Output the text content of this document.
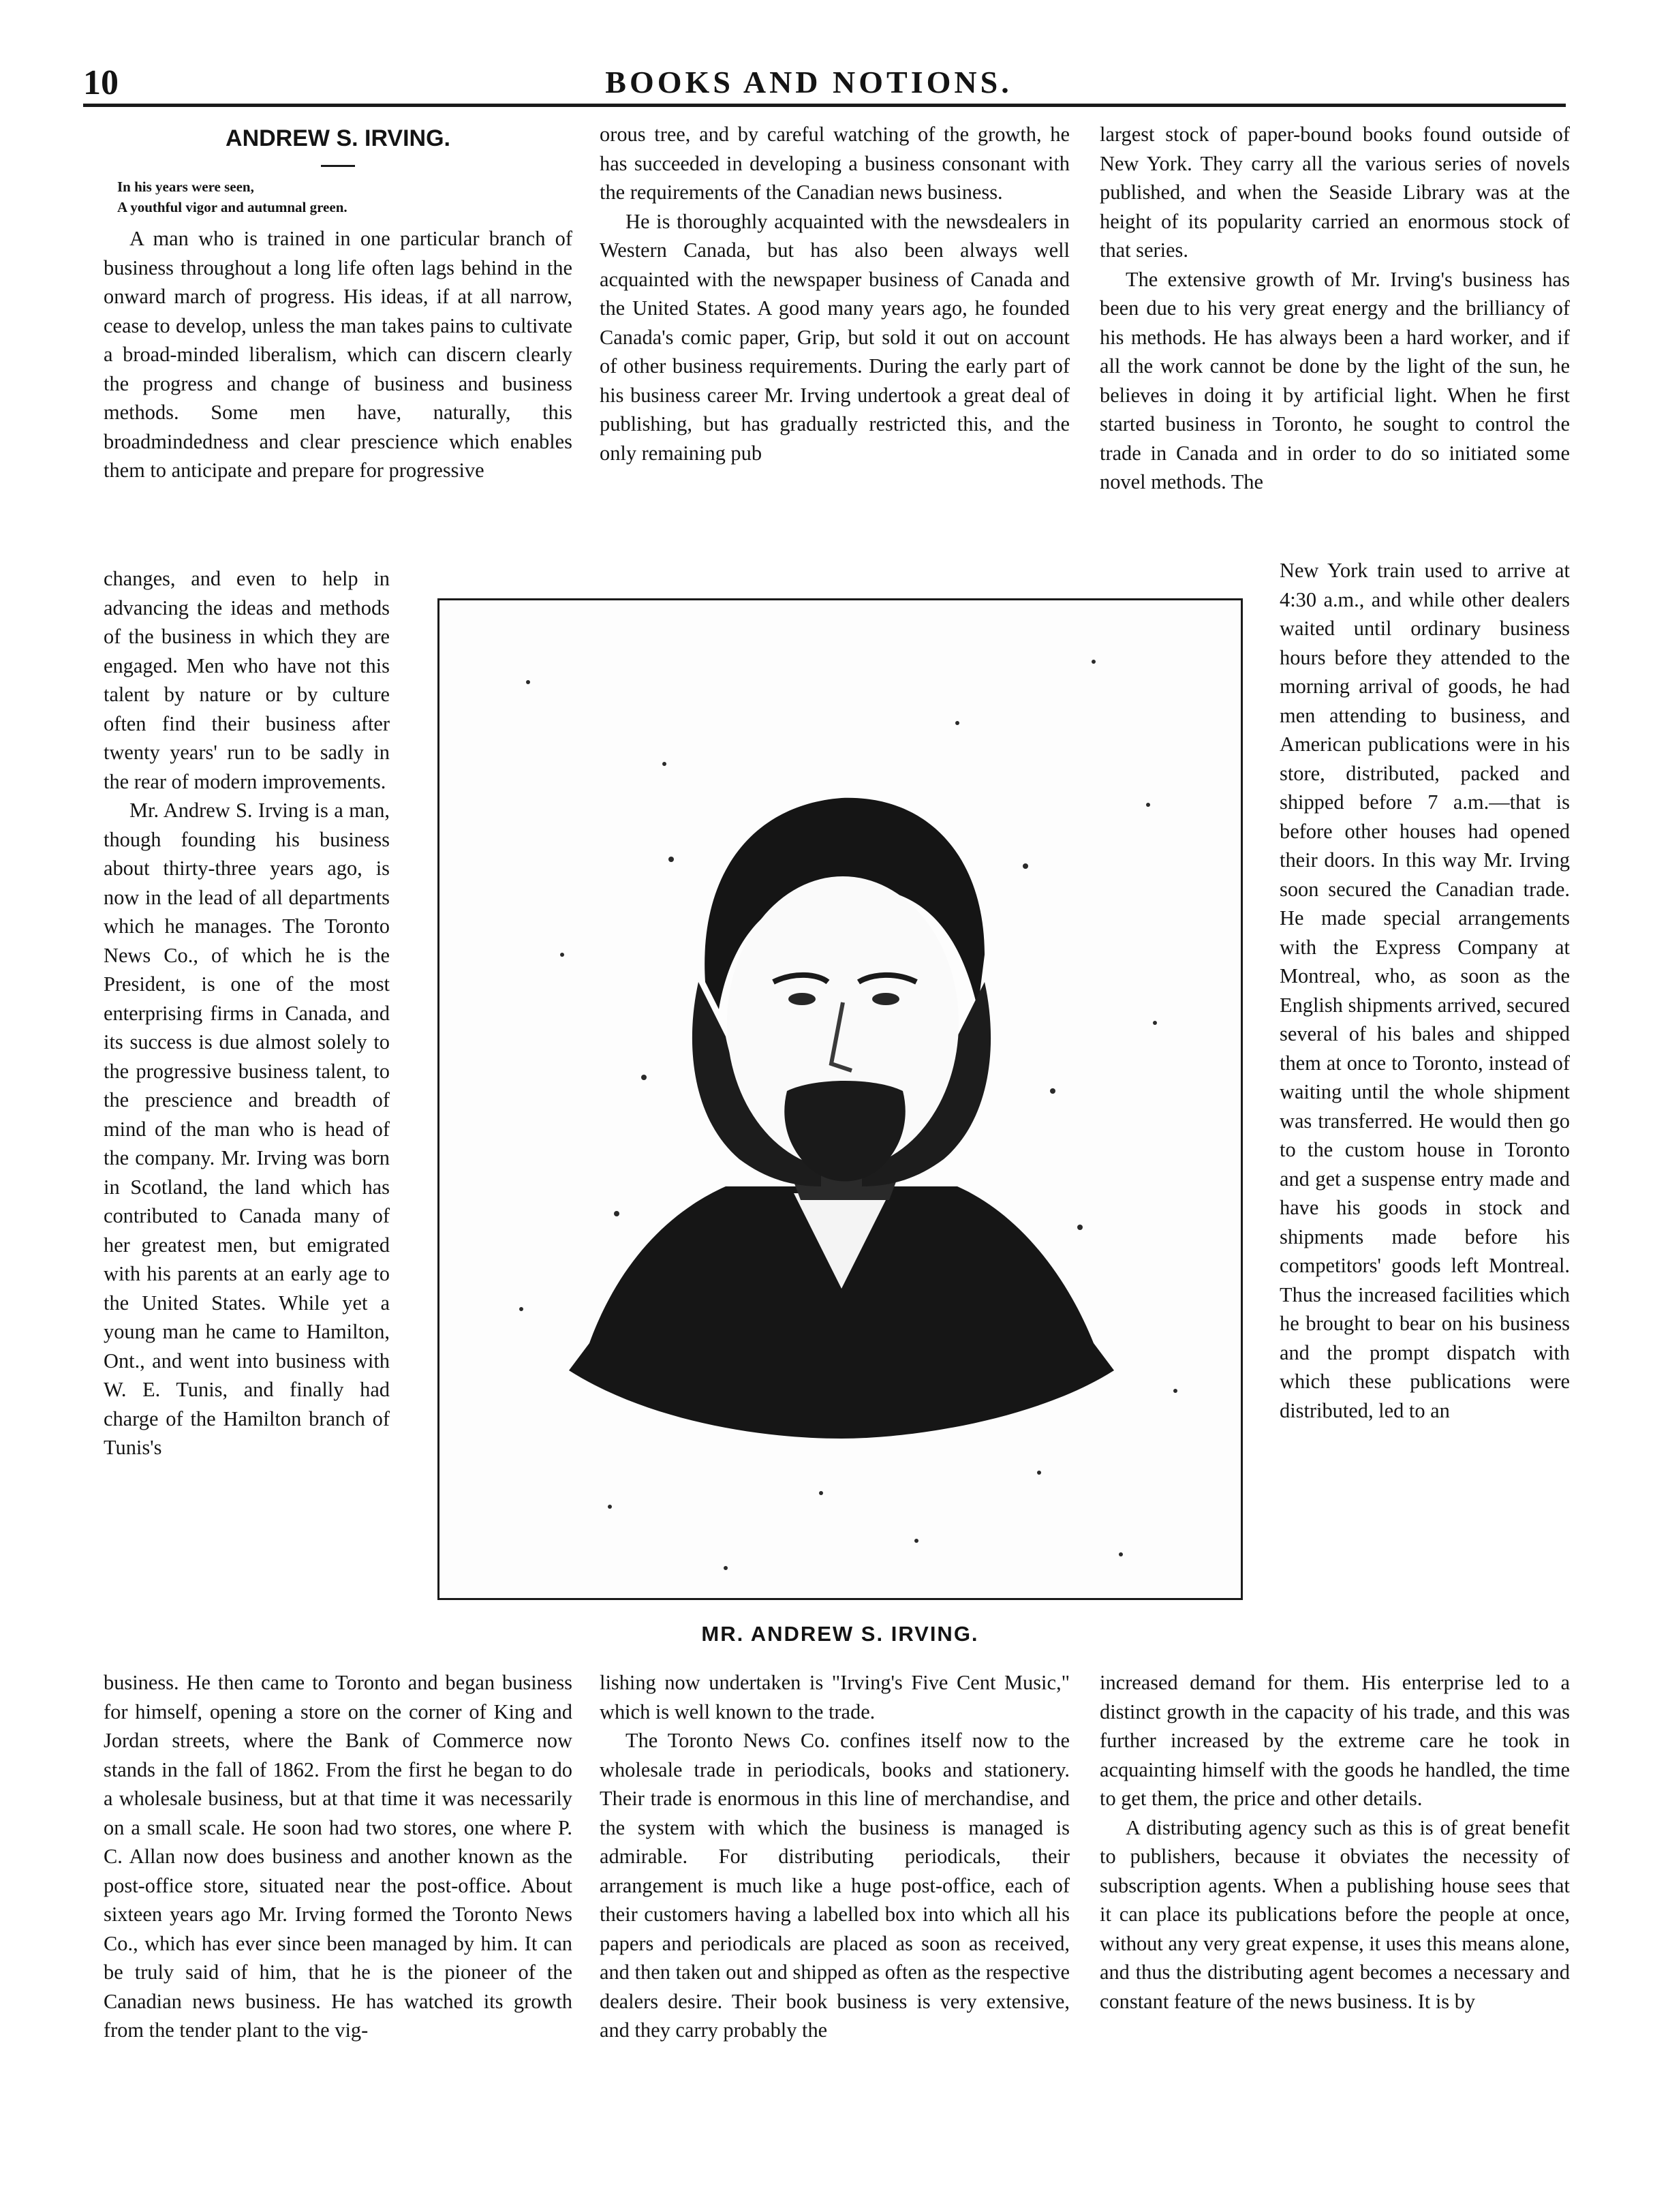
10	BOOKS AND NOTIONS.
ANDREW S. IRVING.
In his years were seen,
A youthful vigor and autumnal green.

A man who is trained in one particular branch of business throughout a long life often lags behind in the onward march of progress. His ideas, if at all narrow, cease to develop, unless the man takes pains to cultivate a broad-minded liberalism, which can discern clearly the progress and change of business and business methods. Some men have, naturally, this broadmindedness and clear prescience which enables them to anticipate and prepare for progressive

changes, and even to help in advancing the ideas and methods of the business in which they are engaged. Men who have not this talent by nature or by culture often find their business after twenty years' run to be sadly in the rear of modern improvements.

Mr. Andrew S. Irving is a man, though founding his business about thirty-three years ago, is now in the lead of all departments which he manages. The Toronto News Co., of which he is the President, is one of the most enterprising firms in Canada, and its success is due almost solely to the progressive business talent, to the prescience and breadth of mind of the man who is head of the company. Mr. Irving was born in Scotland, the land which has contributed to Canada many of her greatest men, but emigrated with his parents at an early age to the United States. While yet a young man he came to Hamilton, Ont., and went into business with W. E. Tunis, and finally had charge of the Hamilton branch of Tunis's

business. He then came to Toronto and began business for himself, opening a store on the corner of King and Jordan streets, where the Bank of Commerce now stands in the fall of 1862. From the first he began to do a wholesale business, but at that time it was necessarily on a small scale. He soon had two stores, one where P. C. Allan now does business and another known as the post-office store, situated near the post-office. About sixteen years ago Mr. Irving formed the Toronto News Co., which has ever since been managed by him. It can be truly said of him, that he is the pioneer of the Canadian news business. He has watched its growth from the tender plant to the vig-

orous tree, and by careful watching of the growth, he has succeeded in developing a business consonant with the requirements of the Canadian news business.

He is thoroughly acquainted with the newsdealers in Western Canada, but has also been always well acquainted with the newspaper business of Canada and the United States. A good many years ago, he founded Canada's comic paper, Grip, but sold it out on account of other business requirements. During the early part of his business career Mr. Irving undertook a great deal of publishing, but has gradually restricted this, and the only remaining pub

lishing now undertaken is "Irving's Five Cent Music," which is well known to the trade.

The Toronto News Co. confines itself now to the wholesale trade in periodicals, books and stationery. Their trade is enormous in this line of merchandise, and the system with which the business is managed is admirable. For distributing periodicals, their arrangement is much like a huge post-office, each of their customers having a labelled box into which all his papers and periodicals are placed as soon as received, and then taken out and shipped as often as the respective dealers desire. Their book business is very extensive, and they carry probably the

largest stock of paper-bound books found outside of New York. They carry all the various series of novels published, and when the Seaside Library was at the height of its popularity carried an enormous stock of that series.

The extensive growth of Mr. Irving's business has been due to his very great energy and the brilliancy of his methods. He has always been a hard worker, and if all the work cannot be done by the light of the sun, he believes in doing it by artificial light. When he first started business in Toronto, he sought to control the trade in Canada and in order to do so initiated some novel methods. The

New York train used to arrive at 4:30 a.m., and while other dealers waited until ordinary business hours before they attended to the morning arrival of goods, he had men attending to business, and American publications were in his store, distributed, packed and shipped before 7 a.m.—that is before other houses had opened their doors. In this way Mr. Irving soon secured the Canadian trade. He made special arrangements with the Express Company at Montreal, who, as soon as the English shipments arrived, secured several of his bales and shipped them at once to Toronto, instead of waiting until the whole shipment was transferred. He would then go to the custom house in Toronto and get a suspense entry made and have his goods in stock and shipments made before his competitors' goods left Montreal. Thus the increased facilities which he brought to bear on his business and the prompt dispatch with which these publications were distributed, led to an

increased demand for them. His enterprise led to a distinct growth in the capacity of his trade, and this was further increased by the extreme care he took in acquainting himself with the goods he handled, the time to get them, the price and other details.

A distributing agency such as this is of great benefit to publishers, because it obviates the necessity of subscription agents. When a publishing house sees that it can place its publications before the people at once, without any very great expense, it uses this means alone, and thus the distributing agent becomes a necessary and constant feature of the news business. It is by

MR. ANDREW S. IRVING.
